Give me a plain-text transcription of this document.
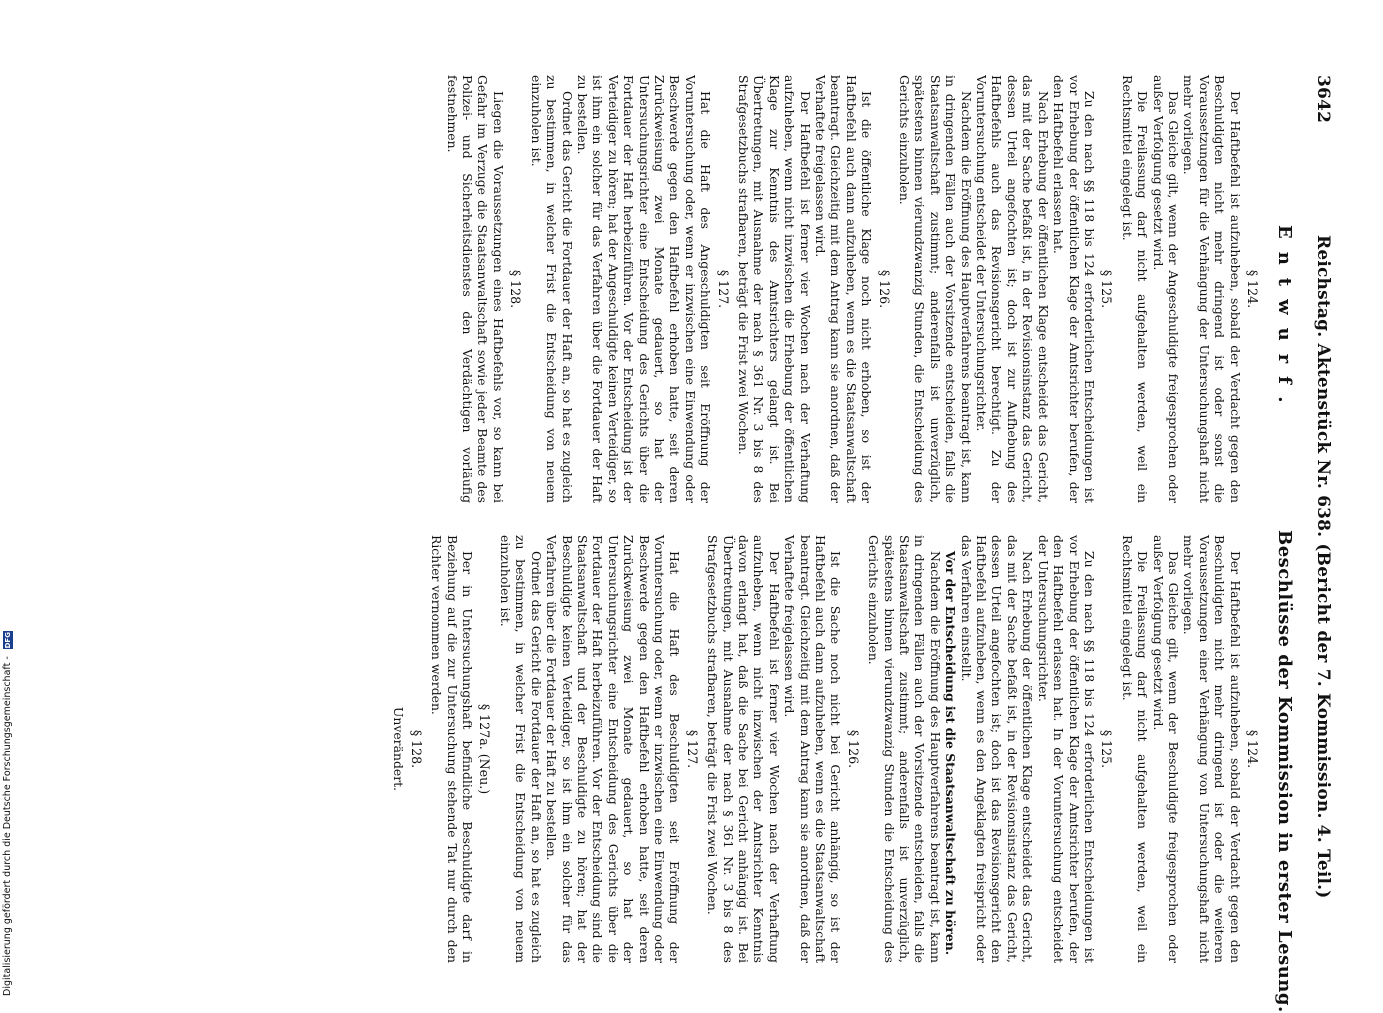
3642
Reichstag. Aktenstück Nr. 638. (Bericht der 7. Kommission. 4. Teil.)
Entwurf.
Beschlüsse der Kommission in erster Lesung.
§ 124.

Der Haftbefehl ist aufzuheben, sobald der Verdacht gegen den Beschuldigten nicht mehr dringend ist oder sonst die Voraussetzungen für die Verhängung der Untersuchungshaft nicht mehr vorliegen.

Das Gleiche gilt, wenn der Angeschuldigte freigesprochen oder außer Verfolgung gesetzt wird.

Die Freilassung darf nicht aufgehalten werden, weil ein Rechtsmittel eingelegt ist.

§ 125.

Zu den nach §§ 118 bis 124 erforderlichen Entscheidungen ist vor Erhebung der öffentlichen Klage der Amtsrichter berufen, der den Haftbefehl erlassen hat.

Nach Erhebung der öffentlichen Klage entscheidet das Gericht, das mit der Sache befaßt ist, in der Revisionsinstanz das Gericht, dessen Urteil angefochten ist; doch ist zur Aufhebung des Haftbefehls auch das Revisionsgericht berechtigt. Zu der Voruntersuchung entscheidet der Untersuchungsrichter.

Nachdem die Eröffnung des Hauptverfahrens beantragt ist, kann in dringenden Fällen auch der Vorsitzende entscheiden, falls die Staatsanwaltschaft zustimmt; anderenfalls ist unverzüglich, spätestens binnen vierundzwanzig Stunden, die Entscheidung des Gerichts einzuholen.

§ 126.

Ist die öffentliche Klage noch nicht erhoben, so ist der Haftbefehl auch dann aufzuheben, wenn es die Staatsanwaltschaft beantragt. Gleichzeitig mit dem Antrag kann sie anordnen, daß der Verhaftete freigelassen wird.

Der Haftbefehl ist ferner vier Wochen nach der Verhaftung aufzuheben, wenn nicht inzwischen die Erhebung der öffentlichen Klage zur Kenntnis des Amtsrichters gelangt ist. Bei Übertretungen, mit Ausnahme der nach § 361 Nr. 3 bis 8 des Strafgesetzbuchs strafbaren, beträgt die Frist zwei Wochen.

§ 127.

Hat die Haft des Angeschuldigten seit Eröffnung der Voruntersuchung oder, wenn er inzwischen eine Einwendung oder Beschwerde gegen den Haftbefehl erhoben hatte, seit deren Zurückweisung zwei Monate gedauert, so hat der Untersuchungsrichter eine Entscheidung des Gerichts über die Fortdauer der Haft herbeizuführen. Vor der Entscheidung ist der Verteidiger zu hören; hat der Angeschuldigte keinen Verteidiger, so ist ihm ein solcher für das Verfahren über die Fortdauer der Haft zu bestellen.

Ordnet das Gericht die Fortdauer der Haft an, so hat es zugleich zu bestimmen, in welcher Frist die Entscheidung von neuem einzuholen ist.

§ 128.

Liegen die Voraussetzungen eines Haftbefehls vor, so kann bei Gefahr im Verzuge die Staatsanwaltschaft sowie jeder Beamte des Polizei- und Sicherheitsdienstes den Verdächtigen vorläufig festnehmen.

§ 124.

Der Haftbefehl ist aufzuheben, sobald der Verdacht gegen den Beschuldigten nicht mehr dringend ist oder die weiteren Voraussetzungen einer Verhängung von Untersuchungshaft nicht mehr vorliegen.

Das Gleiche gilt, wenn der Beschuldigte freigesprochen oder außer Verfolgung gesetzt wird.

Die Freilassung darf nicht aufgehalten werden, weil ein Rechtsmittel eingelegt ist.

§ 125.

Zu den nach §§ 118 bis 124 erforderlichen Entscheidungen ist vor Erhebung der öffentlichen Klage der Amtsrichter berufen, der den Haftbefehl erlassen hat. In der Voruntersuchung entscheidet der Untersuchungsrichter.

Nach Erhebung der öffentlichen Klage entscheidet das Gericht, das mit der Sache befaßt ist, in der Revisionsinstanz das Gericht, dessen Urteil angefochten ist; doch ist das Revisionsgericht den Haftbefehl aufzuheben, wenn es den Angeklagten freispricht oder das Verfahren einstellt.

Vor der Entscheidung ist die Staatsanwaltschaft zu hören.

Nachdem die Eröffnung des Hauptverfahrens beantragt ist, kann in dringenden Fällen auch der Vorsitzende entscheiden, falls die Staatsanwaltschaft zustimmt; anderenfalls ist unverzüglich, spätestens binnen vierundzwanzig Stunden die Entscheidung des Gerichts einzuholen.

§ 126.

Ist die Sache noch nicht bei Gericht anhängig, so ist der Haftbefehl auch dann aufzuheben, wenn es die Staatsanwaltschaft beantragt. Gleichzeitig mit dem Antrag kann sie anordnen, daß der Verhaftete freigelassen wird.

Der Haftbefehl ist ferner vier Wochen nach der Verhaftung aufzuheben, wenn nicht inzwischen der Amtsrichter Kenntnis davon erlangt hat, daß die Sache bei Gericht anhängig ist. Bei Übertretungen, mit Ausnahme der nach § 361 Nr. 3 bis 8 des Strafgesetzbuchs strafbaren, beträgt die Frist zwei Wochen.

§ 127.

Hat die Haft des Beschuldigten seit Eröffnung der Voruntersuchung oder, wenn er inzwischen eine Einwendung oder Beschwerde gegen den Haftbefehl erhoben hatte, seit deren Zurückweisung zwei Monate gedauert, so hat der Untersuchungsrichter eine Entscheidung des Gerichts über die Fortdauer der Haft herbeizuführen. Vor der Entscheidung sind die Staatsanwaltschaft und der Beschuldigte zu hören; hat der Beschuldigte keinen Verteidiger, so ist ihm ein solcher für das Verfahren über die Fortdauer der Haft zu bestellen.

Ordnet das Gericht die Fortdauer der Haft an, so hat es zugleich zu bestimmen, in welcher Frist die Entscheidung von neuem einzuholen ist.

§ 127a. (Neu.)

Der in Untersuchungshaft befindliche Beschuldigte darf in Beziehung auf die zur Untersuchung stehende Tat nur durch den Richter vernommen werden.

§ 128.

Unverändert.

Digitalisierung gefördert durch die Deutsche Forschungsgemeinschaft - DFG
